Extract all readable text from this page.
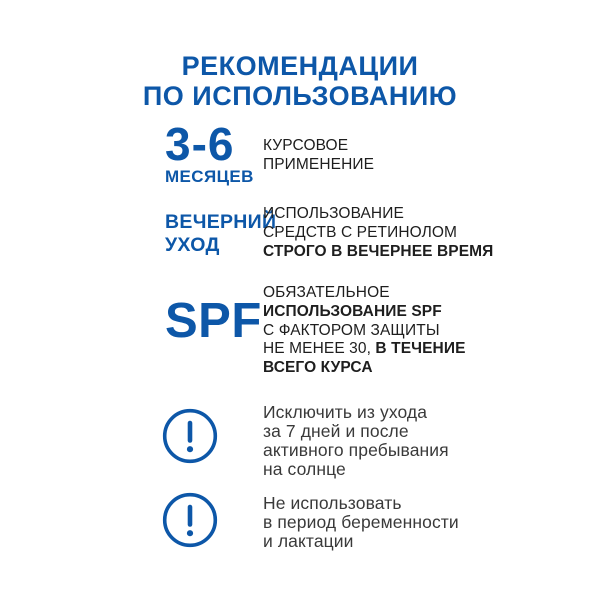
РЕКОМЕНДАЦИИ
ПО ИСПОЛЬЗОВАНИЮ
3-6
МЕСЯЦЕВ
КУРСОВОЕ
ПРИМЕНЕНИЕ
ВЕЧЕРНИЙ
УХОД
ИСПОЛЬЗОВАНИЕ
СРЕДСТВ С РЕТИНОЛОМ
СТРОГО В ВЕЧЕРНЕЕ ВРЕМЯ
SPF
ОБЯЗАТЕЛЬНОЕ
ИСПОЛЬЗОВАНИЕ SPF
С ФАКТОРОМ ЗАЩИТЫ
НЕ МЕНЕЕ 30, В ТЕЧЕНИЕ
ВСЕГО КУРСА
Исключить из ухода
за 7 дней и после
активного пребывания
на солнце
Не использовать
в период беременности
и лактации
